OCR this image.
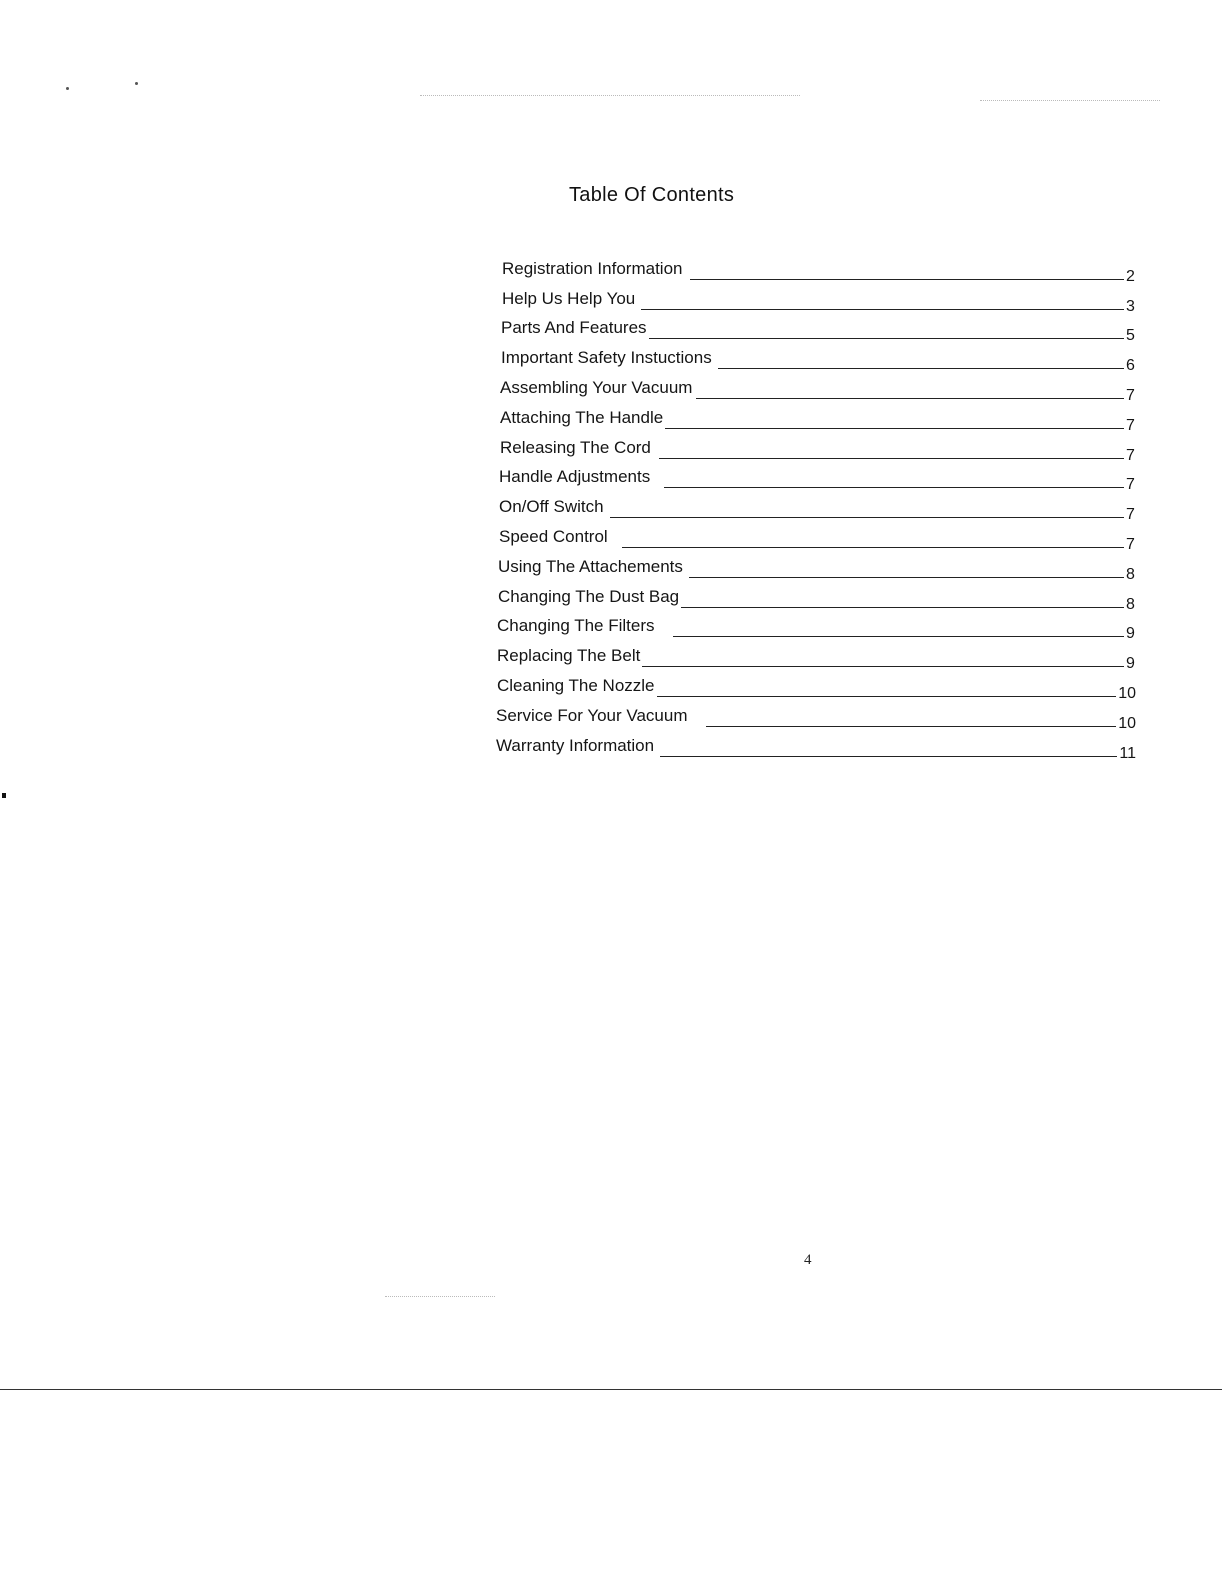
Table Of Contents
Registration Information	2
Help Us Help You	3
Parts And Features	5
Important Safety Instuctions	6
Assembling Your Vacuum	7
Attaching The Handle	7
Releasing The Cord	7
Handle Adjustments	7
On/Off Switch	7
Speed Control	7
Using The Attachements	8
Changing The Dust Bag	8
Changing The Filters	9
Replacing The Belt	9
Cleaning The Nozzle	10
Service For Your Vacuum	10
Warranty Information	11
4
